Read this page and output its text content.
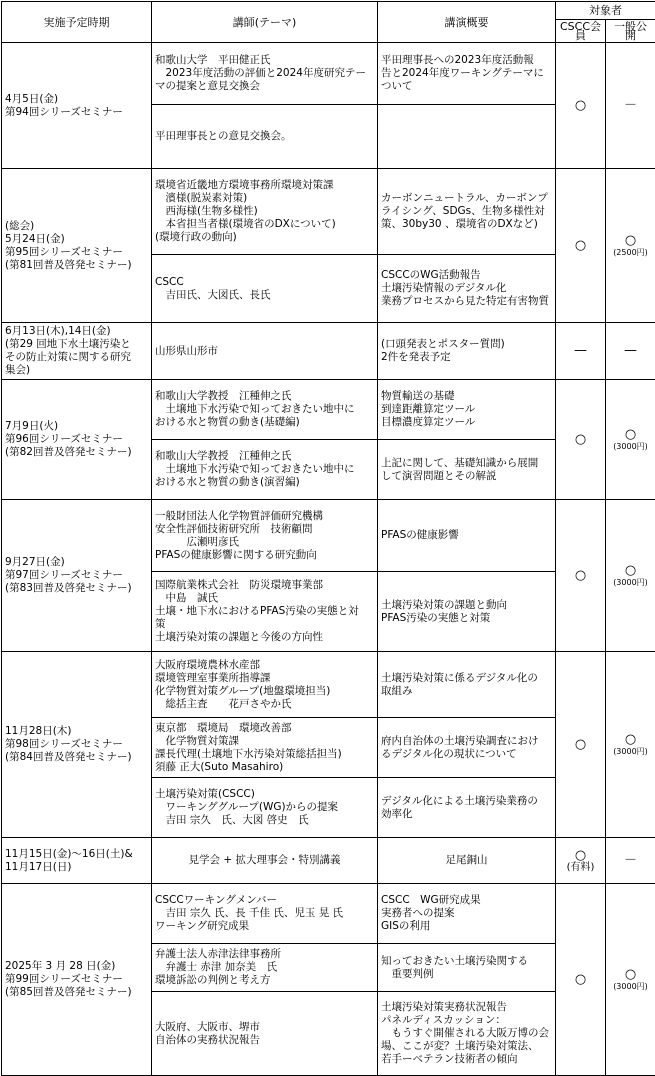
実施予定時期	講師(テーマ)	講演概要	対象者	
			CSCC会員	一般公開

4月5日(金)
第94回シリーズセミナー	和歌山大学　平田健正氏
　2023年度活動の評価と2024年度研究テー
マの提案と意見交換会	平田理事長への2023年度活動報
告と2024年度ワーキングテーマに
ついて	○	－

	平田理事長との意見交換会。			

(総会)
5月24日(金)
第95回シリーズセミナー
(第81回普及啓発セミナー)	環境省近畿地方環境事務所環境対策課
　濱様(脱炭素対策)
　西海様(生物多様性)
　本省担当者様(環境省のDXについて)
(環境行政の動向)	カーボンニュートラル、カーボンプ
ライシング、SDGs、生物多様性対
策、30by30 、環境省のDXなど)	○	○
(2500円)

	CSCC
　吉田氏、大図氏、長氏	CSCCのWG活動報告
土壌汚染情報のデジタル化
業務プロセスから見た特定有害物質		

6月13日(木),14日(金)
(第29 回地下水土壌汚染と
その防止対策に関する研究
集会)	山形県山形市	(口頭発表とポスター質問)
2件を発表予定	—	—

7月9日(火)
第96回シリーズセミナー
(第82回普及啓発セミナー)	和歌山大学教授　江種伸之氏
　土壌地下水汚染で知っておきたい地中に
おける水と物質の動き(基礎編)	物質輸送の基礎
到達距離算定ツール
目標濃度算定ツール	○	○
(3000円)

	和歌山大学教授　江種伸之氏
　土壌地下水汚染で知っておきたい地中に
おける水と物質の動き(演習編)	上記に関して、基礎知識から展開
して演習問題とその解説		

9月27日(金)
第97回シリーズセミナー
(第83回普及啓発セミナー)	一般財団法人化学物質評価研究機構
安全性評価技術研究所　技術顧問
　　　広瀬明彦氏
PFASの健康影響に関する研究動向	PFASの健康影響	○	○
(3000円)

	国際航業株式会社　防災環境事業部
　中島　誠氏
土壌・地下水におけるPFAS汚染の実態と対
策
土壌汚染対策の課題と今後の方向性	土壌汚染対策の課題と動向
PFAS汚染の実態と対策		

11月28日(木)
第98回シリーズセミナー
(第84回普及啓発セミナー)	大阪府環境農林水産部
環境管理室事業所指導課
化学物質対策グループ(地盤環境担当)
　総括主査　　花戸さやか氏	土壌汚染対策に係るデジタル化の
取組み	○	○
(3000円)

	東京都　環境局　環境改善部
　化学物質対策課
課長代理(土壌地下水汚染対策総括担当)
須藤 正大(Suto Masahiro)	府内自治体の土壌汚染調査におけ
るデジタル化の現状について		

	土壌汚染対策(CSCC)
　ワーキンググループ(WG)からの提案
　吉田 宗久　氏、大図 啓史　氏	デジタル化による土壌汚染業務の
効率化		

11月15日(金)～16日(土)&
11月17日(日)	見学会 + 拡大理事会・特別講義	足尾銅山	○
(有料)	－

2025年 3 月 28 日(金)
第99回シリーズセミナー
(第85回普及啓発セミナー)	CSCCワーキングメンバー
　吉田 宗久 氏、長 千佳 氏、児玉 晃 氏
ワーキング研究成果	CSCC　WG研究成果
実務者への提案
GISの利用	○	○
(3000円)

	弁護士法人赤津法律事務所
　弁護士 赤津 加奈美　氏
環境訴訟の判例と考え方	知っておきたい土壌汚染関する
　重要判例		

	大阪府、大阪市、堺市
自治体の実務状況報告	土壌汚染対策実務状況報告
パネルディスカッション：
　もうすぐ開催される大阪万博の会
場、ここが変？土壌汚染対策法、
若手ーベテラン技術者の傾向		
